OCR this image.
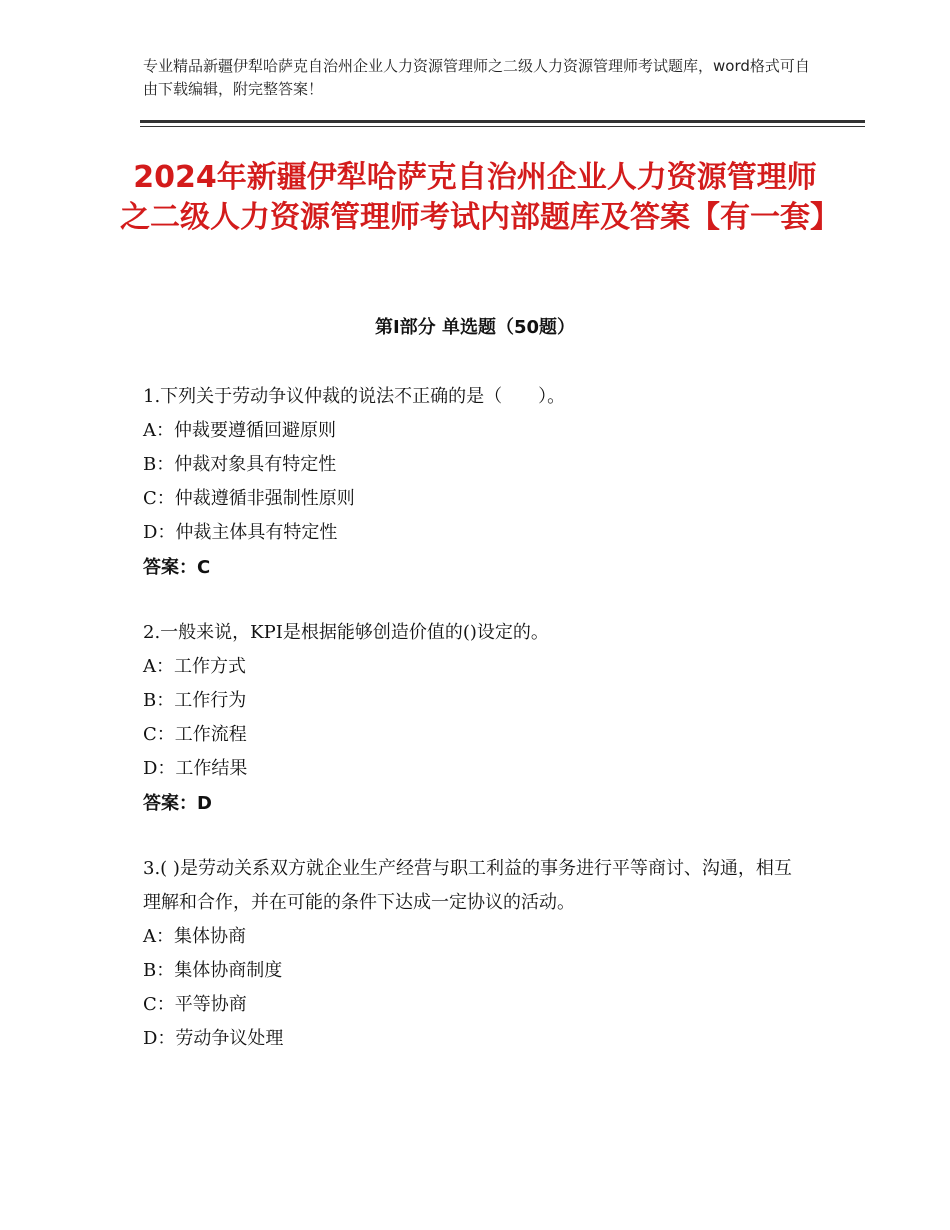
专业精品新疆伊犁哈萨克自治州企业人力资源管理师之二级人力资源管理师考试题库，word格式可自由下载编辑，附完整答案！
2024年新疆伊犁哈萨克自治州企业人力资源管理师之二级人力资源管理师考试内部题库及答案【有一套】
第Ⅰ部分 单选题（50题）
1.下列关于劳动争议仲裁的说法不正确的是（　　）。
A：仲裁要遵循回避原则
B：仲裁对象具有特定性
C：仲裁遵循非强制性原则
D：仲裁主体具有特定性
答案：C
2.一般来说，KPI是根据能够创造价值的()设定的。
A：工作方式
B：工作行为
C：工作流程
D：工作结果
答案：D
3.( )是劳动关系双方就企业生产经营与职工利益的事务进行平等商讨、沟通，相互理解和合作，并在可能的条件下达成一定协议的活动。
A：集体协商
B：集体协商制度
C：平等协商
D：劳动争议处理
